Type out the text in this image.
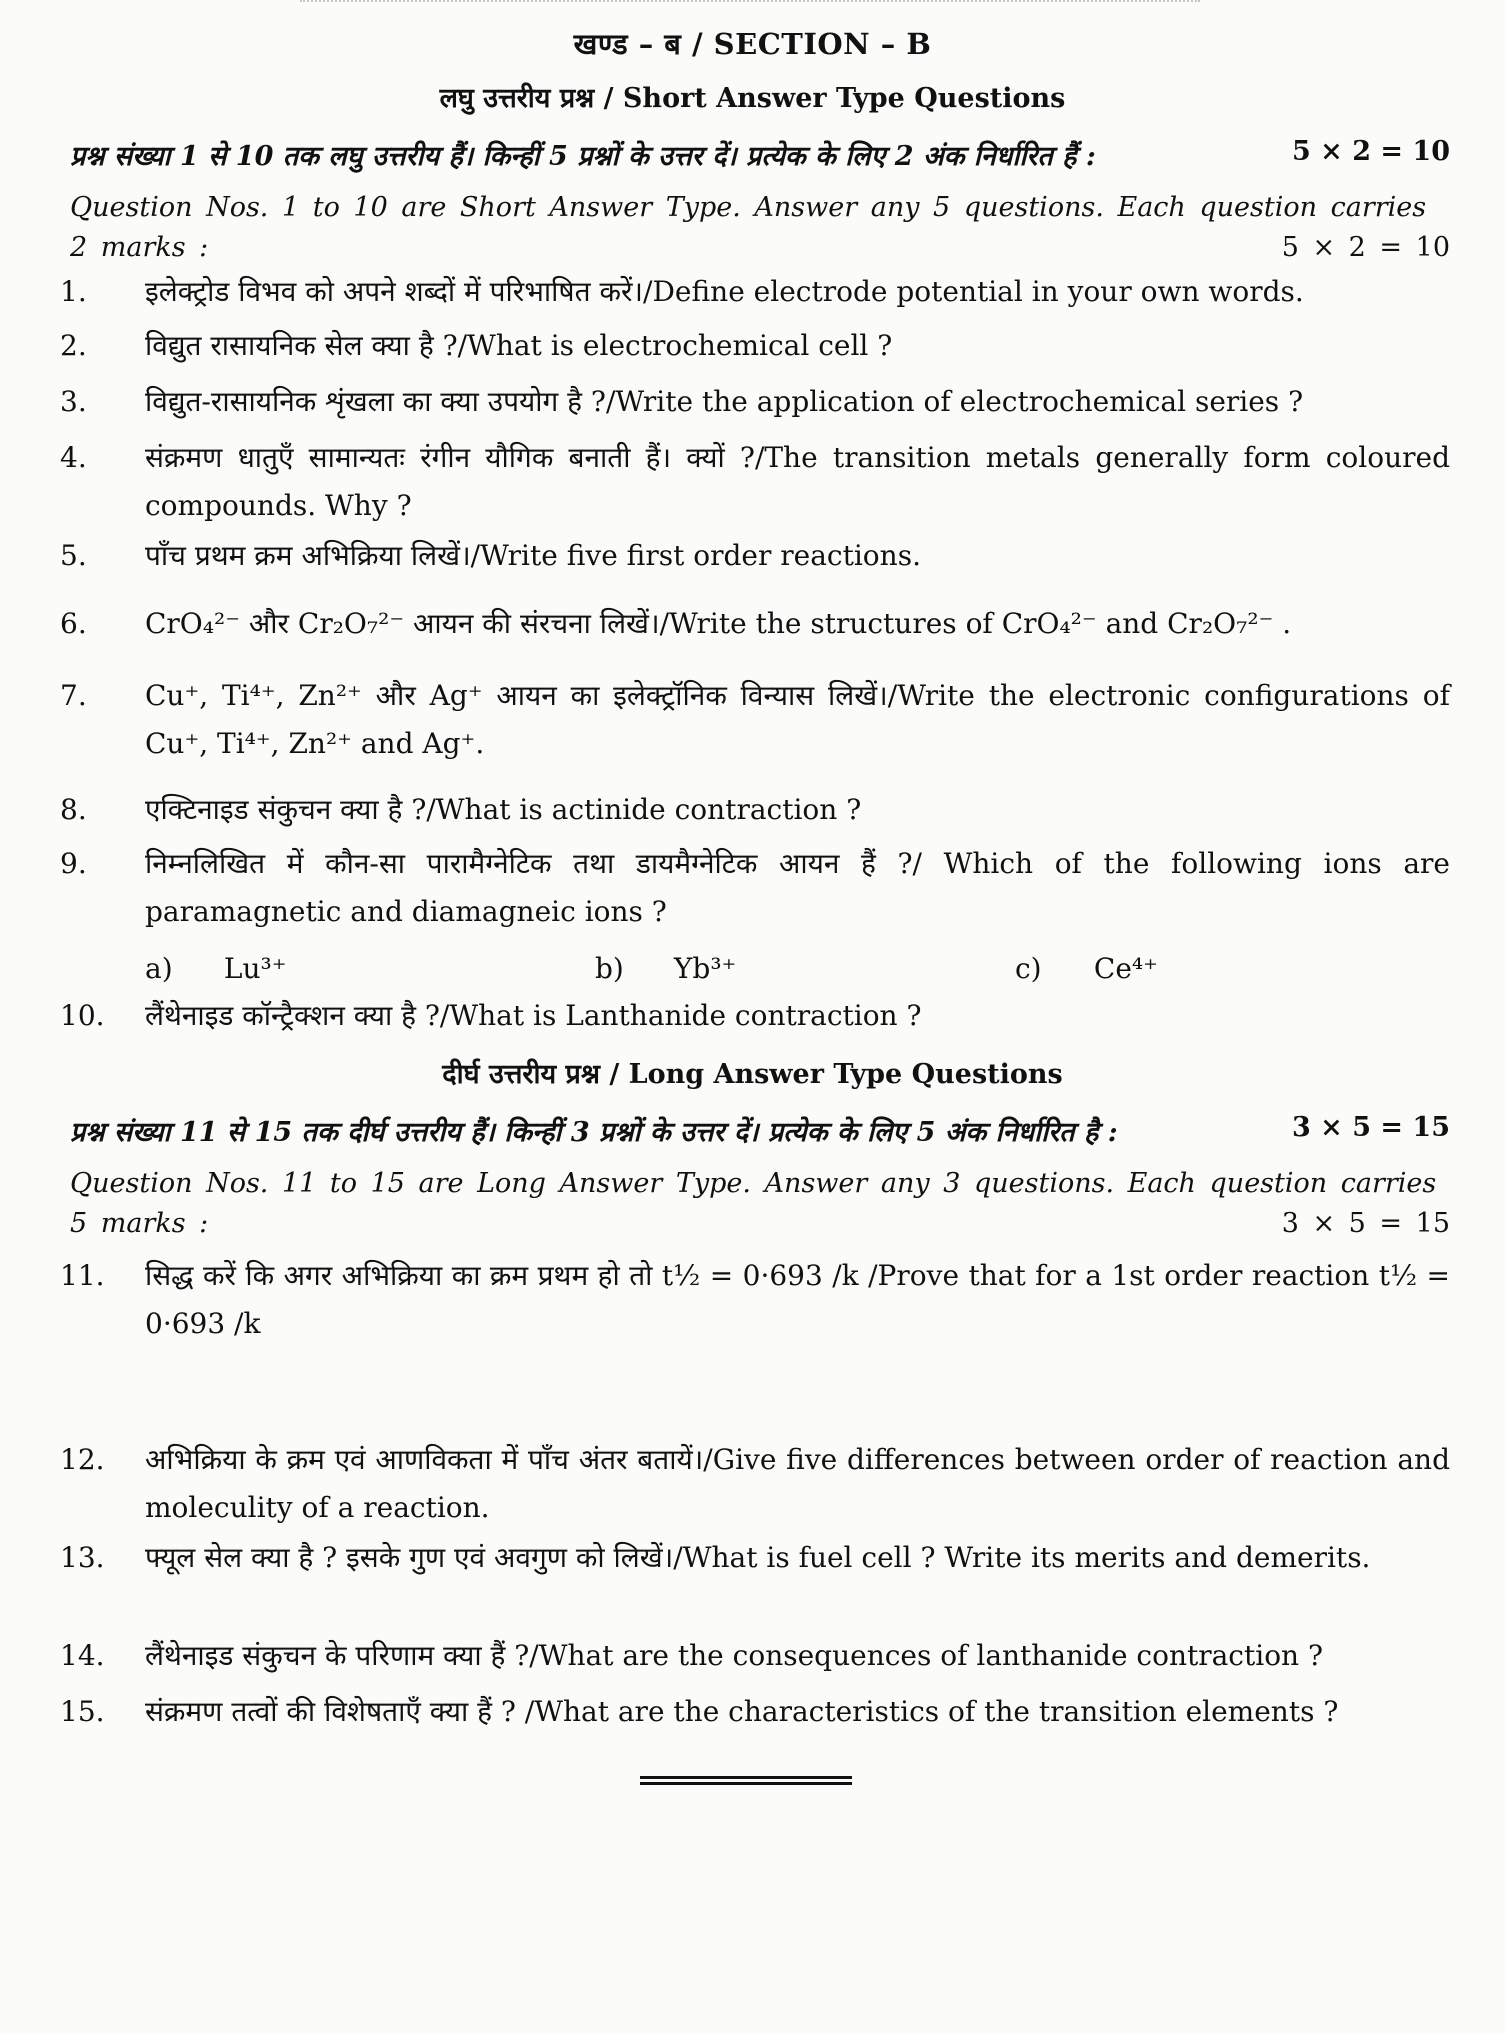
खण्ड – ब / SECTION – B
लघु उत्तरीय प्रश्न / Short Answer Type Questions
प्रश्न संख्या 1 से 10 तक लघु उत्तरीय हैं। किन्हीं 5 प्रश्नों के उत्तर दें। प्रत्येक के लिए 2 अंक निर्धारित हैं :	5 × 2 = 10
Question Nos. 1 to 10 are Short Answer Type. Answer any 5 questions. Each question carries 2 marks :	5 × 2 = 10
1.	इलेक्ट्रोड विभव को अपने शब्दों में परिभाषित करें।/Define electrode potential in your own words.
2.	विद्युत रासायनिक सेल क्या है ?/What is electrochemical cell ?
3.	विद्युत-रासायनिक शृंखला का क्या उपयोग है ?/Write the application of electrochemical series ?
4.	संक्रमण धातुएँ सामान्यतः रंगीन यौगिक बनाती हैं। क्यों ?/The transition metals generally form coloured compounds. Why ?
5.	पाँच प्रथम क्रम अभिक्रिया लिखें।/Write five first order reactions.
6.	CrO₄²⁻ और Cr₂O₇²⁻ आयन की संरचना लिखें।/Write the structures of CrO₄²⁻ and Cr₂O₇²⁻ .
7.	Cu⁺, Ti⁴⁺, Zn²⁺ और Ag⁺ आयन का इलेक्ट्रॉनिक विन्यास लिखें।/Write the electronic configurations of Cu⁺, Ti⁴⁺, Zn²⁺ and Ag⁺.
8.	एक्टिनाइड संकुचन क्या है ?/What is actinide contraction ?
9.	निम्नलिखित में कौन-सा पारामैग्नेटिक तथा डायमैग्नेटिक आयन हैं ?/ Which of the following ions are paramagnetic and diamagneic ions ?
a) Lu³⁺	b) Yb³⁺	c) Ce⁴⁺
10.	लैंथेनाइड कॉन्ट्रैक्शन क्या है ?/What is Lanthanide contraction ?
दीर्घ उत्तरीय प्रश्न / Long Answer Type Questions
प्रश्न संख्या 11 से 15 तक दीर्घ उत्तरीय हैं। किन्हीं 3 प्रश्नों के उत्तर दें। प्रत्येक के लिए 5 अंक निर्धारित है :	3 × 5 = 15
Question Nos. 11 to 15 are Long Answer Type. Answer any 3 questions. Each question carries 5 marks :	3 × 5 = 15
11.	सिद्ध करें कि अगर अभिक्रिया का क्रम प्रथम हो तो t½ = 0·693 /k /Prove that for a 1st order reaction t½ = 0·693 /k
12.	अभिक्रिया के क्रम एवं आणविकता में पाँच अंतर बतायें।/Give five differences between order of reaction and moleculity of a reaction.
13.	फ्यूल सेल क्या है ? इसके गुण एवं अवगुण को लिखें।/What is fuel cell ? Write its merits and demerits.
14.	लैंथेनाइड संकुचन के परिणाम क्या हैं ?/What are the consequences of lanthanide contraction ?
15.	संक्रमण तत्वों की विशेषताएँ क्या हैं ? /What are the characteristics of the transition elements ?
